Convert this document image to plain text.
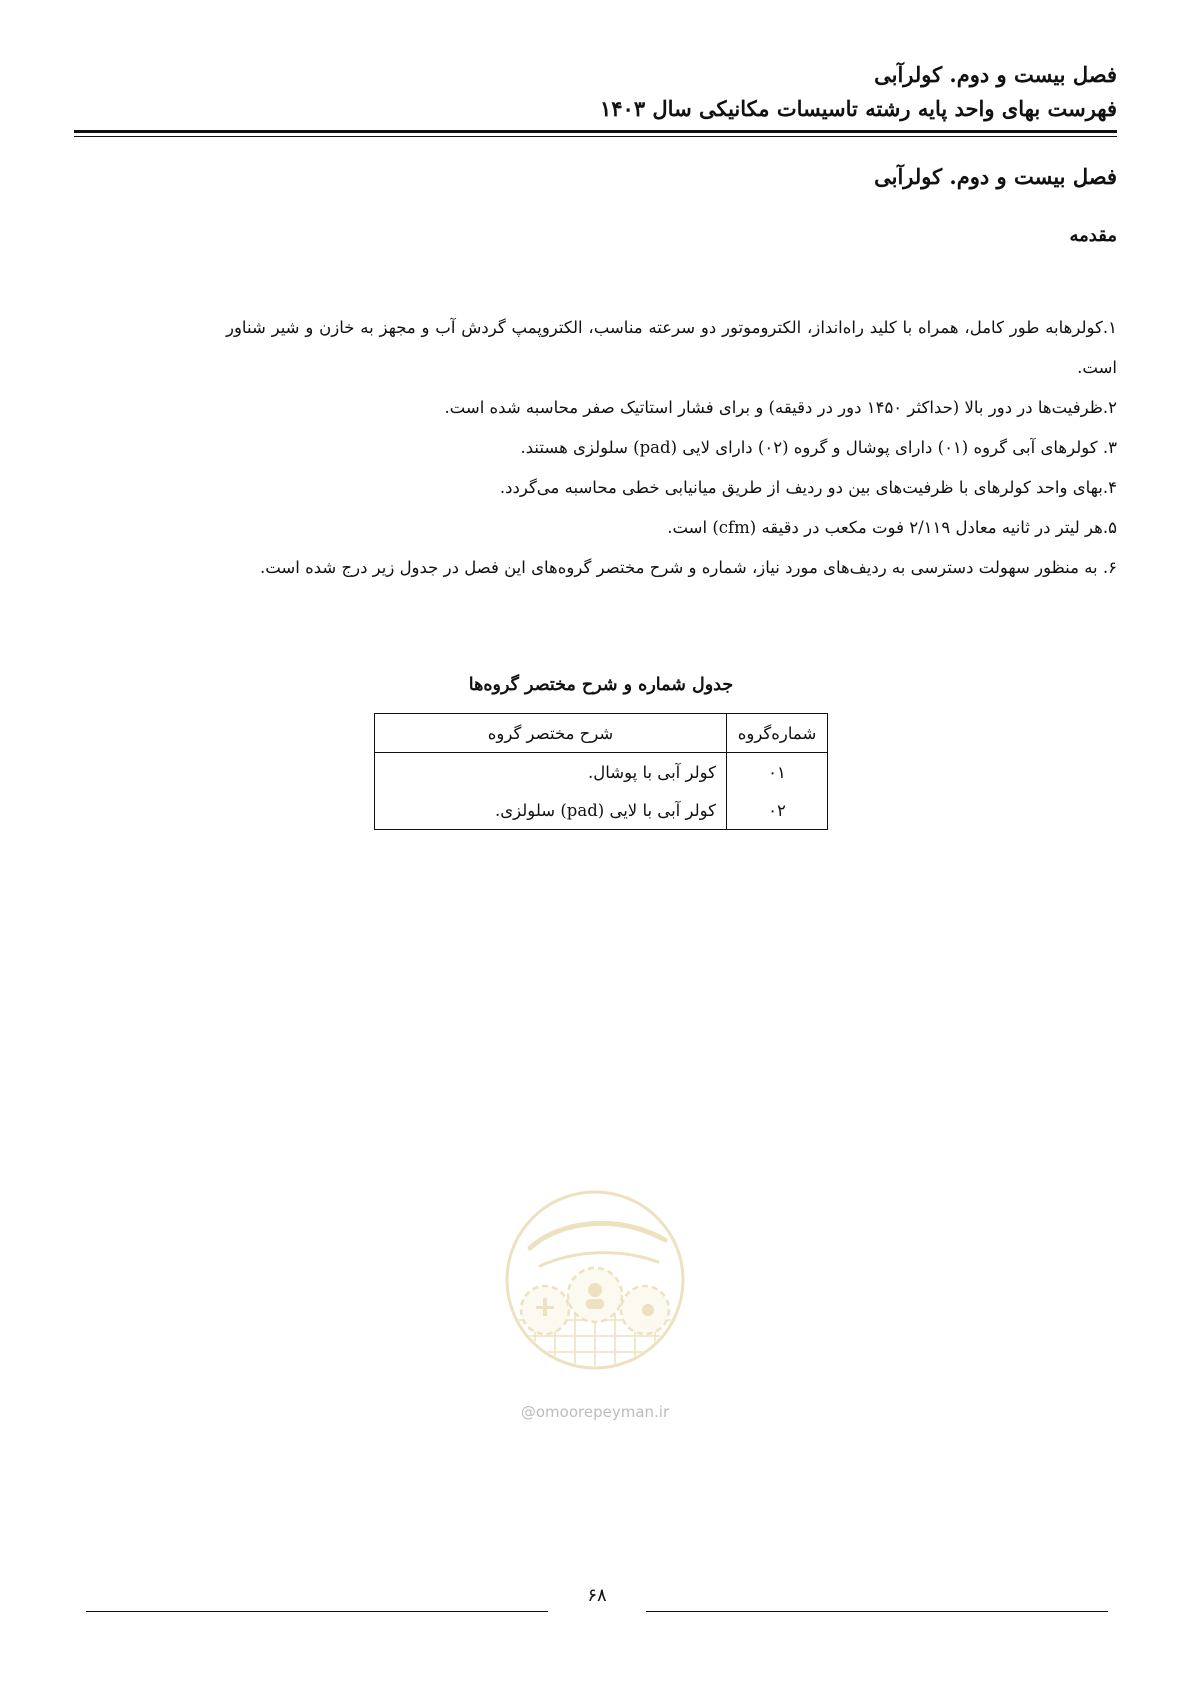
فصل بیست و دوم. کولرآبی
فهرست بهای واحد پایه رشته تاسیسات مکانیکی سال ۱۴۰۳
فصل بیست و دوم. کولرآبی
مقدمه
۱.کولرهابه طور کامل، همراه با کلید راه‌انداز، الکتروموتور دو سرعته مناسب، الکتروپمپ گردش آب و مجهز به خازن و شیر شناور است.
۲.ظرفیت‌ها در دور بالا (حداکثر ۱۴۵۰ دور در دقیقه) و برای فشار استاتیک صفر محاسبه شده است.
۳. کولرهای آبی گروه (۰۱) دارای پوشال و گروه (۰۲) دارای لایی (pad) سلولزی هستند.
۴.بهای واحد کولرهای با ظرفیت‌های بین دو ردیف از طریق میانیابی خطی محاسبه می‌گردد.
۵.هر لیتر در ثانیه معادل ۲/۱۱۹ فوت مکعب در دقیقه (cfm) است.
۶. به منظور سهولت دسترسی به ردیف‌های مورد نیاز، شماره و شرح مختصر گروه‌های این فصل در جدول زیر درج شده است.
جدول شماره و شرح مختصر گروه‌ها
شماره‌گروه	شرح مختصر گروه
۰۱	کولر آبی با پوشال.
۰۲	کولر آبی با لایی (pad) سلولزی.
@omoorepeyman.ir
۶۸
